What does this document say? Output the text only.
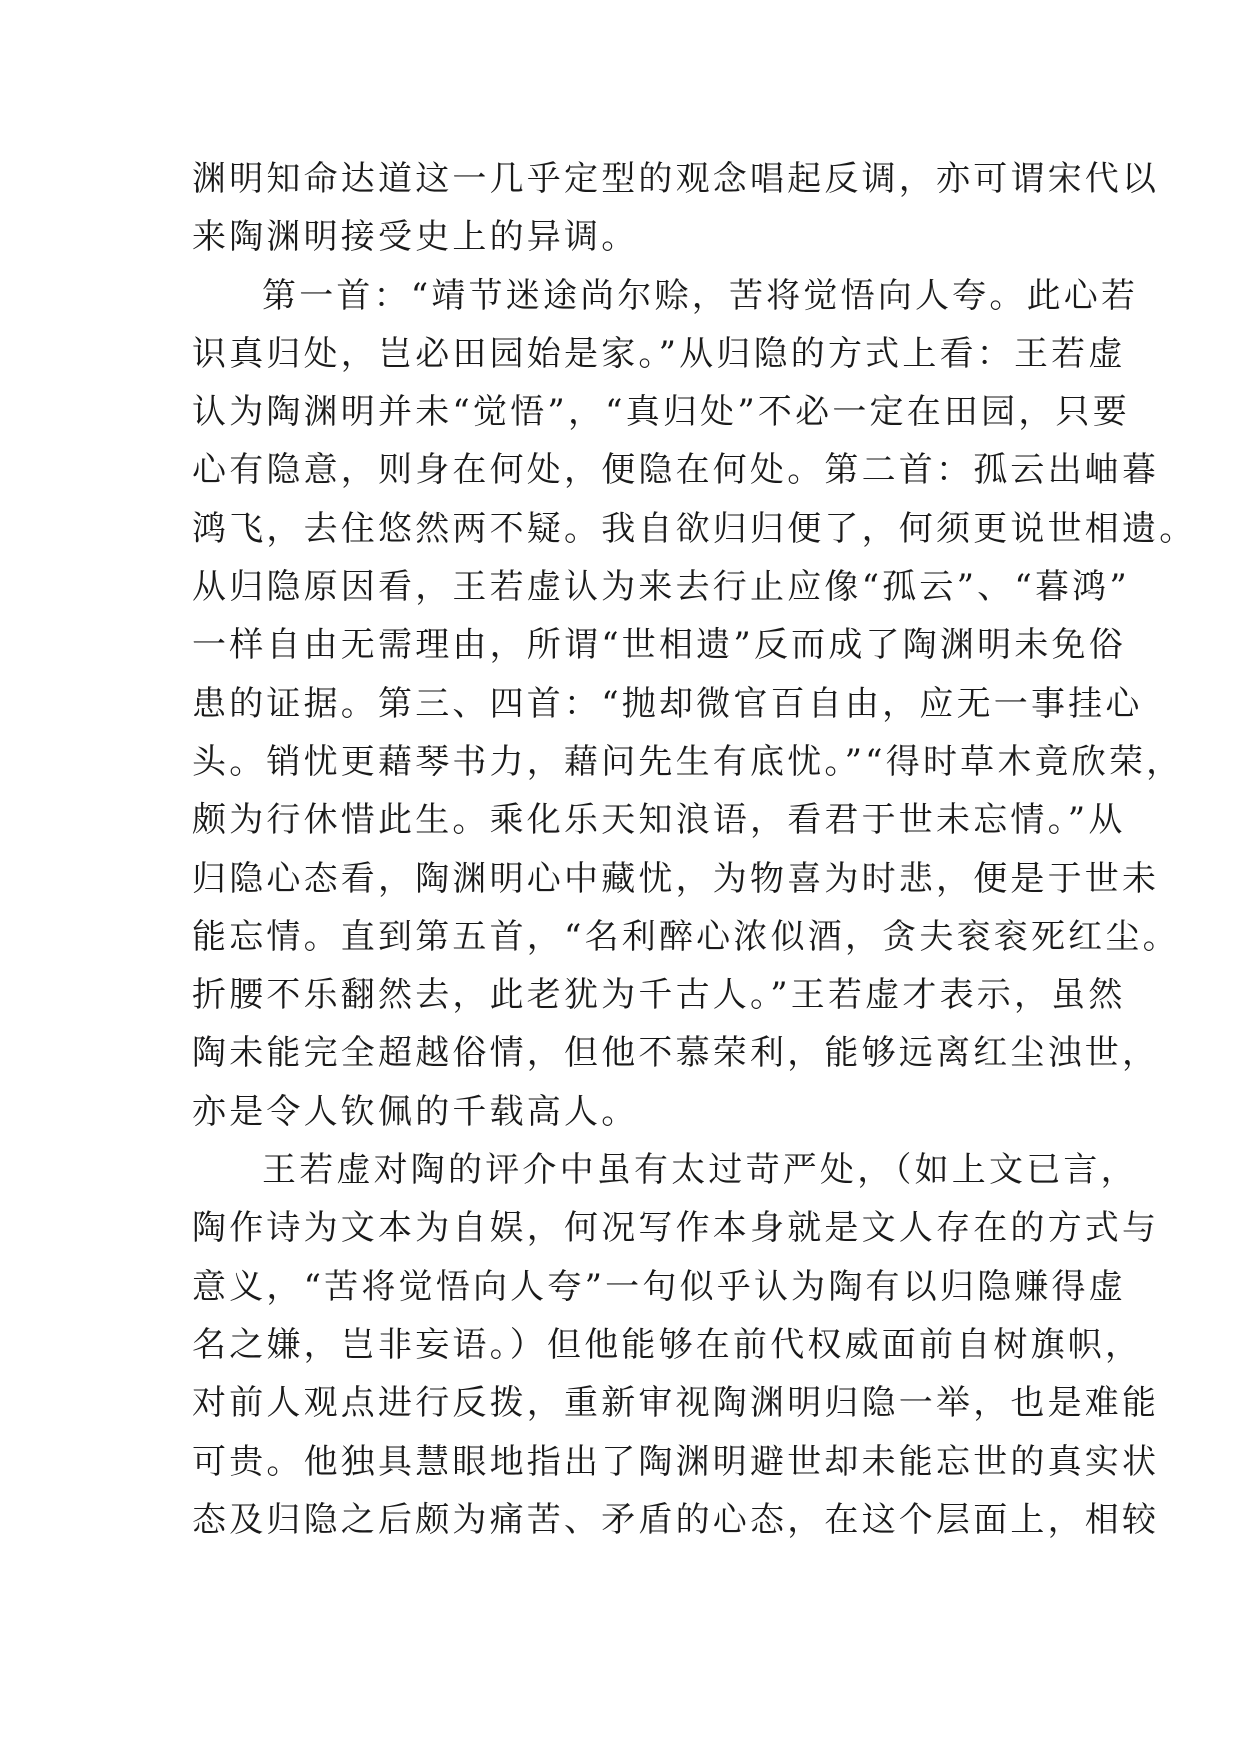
渊明知命达道这一几乎定型的观念唱起反调，亦可谓宋代以
来陶渊明接受史上的异调。

第一首：“靖节迷途尚尔赊，苦将觉悟向人夸。此心若
识真归处，岂必田园始是家。”从归隐的方式上看：王若虚
认为陶渊明并未“觉悟”，“真归处”不必一定在田园，只要
心有隐意，则身在何处，便隐在何处。第二首：孤云出岫暮
鸿飞，去住悠然两不疑。我自欲归归便了，何须更说世相遗。
从归隐原因看，王若虚认为来去行止应像“孤云”、“暮鸿”
一样自由无需理由，所谓“世相遗”反而成了陶渊明未免俗
患的证据。第三、四首：“抛却微官百自由，应无一事挂心
头。销忧更藉琴书力，藉问先生有底忧。”“得时草木竟欣荣，
颇为行休惜此生。乘化乐天知浪语，看君于世未忘情。”从
归隐心态看，陶渊明心中藏忧，为物喜为时悲，便是于世未
能忘情。直到第五首，“名利醉心浓似酒，贪夫衮衮死红尘。
折腰不乐翻然去，此老犹为千古人。”王若虚才表示，虽然
陶未能完全超越俗情，但他不慕荣利，能够远离红尘浊世，
亦是令人钦佩的千载高人。

王若虚对陶的评介中虽有太过苛严处，（如上文已言，
陶作诗为文本为自娱，何况写作本身就是文人存在的方式与
意义，“苦将觉悟向人夸”一句似乎认为陶有以归隐赚得虚
名之嫌，岂非妄语。）但他能够在前代权威面前自树旗帜，
对前人观点进行反拨，重新审视陶渊明归隐一举，也是难能
可贵。他独具慧眼地指出了陶渊明避世却未能忘世的真实状
态及归隐之后颇为痛苦、矛盾的心态，在这个层面上，相较
